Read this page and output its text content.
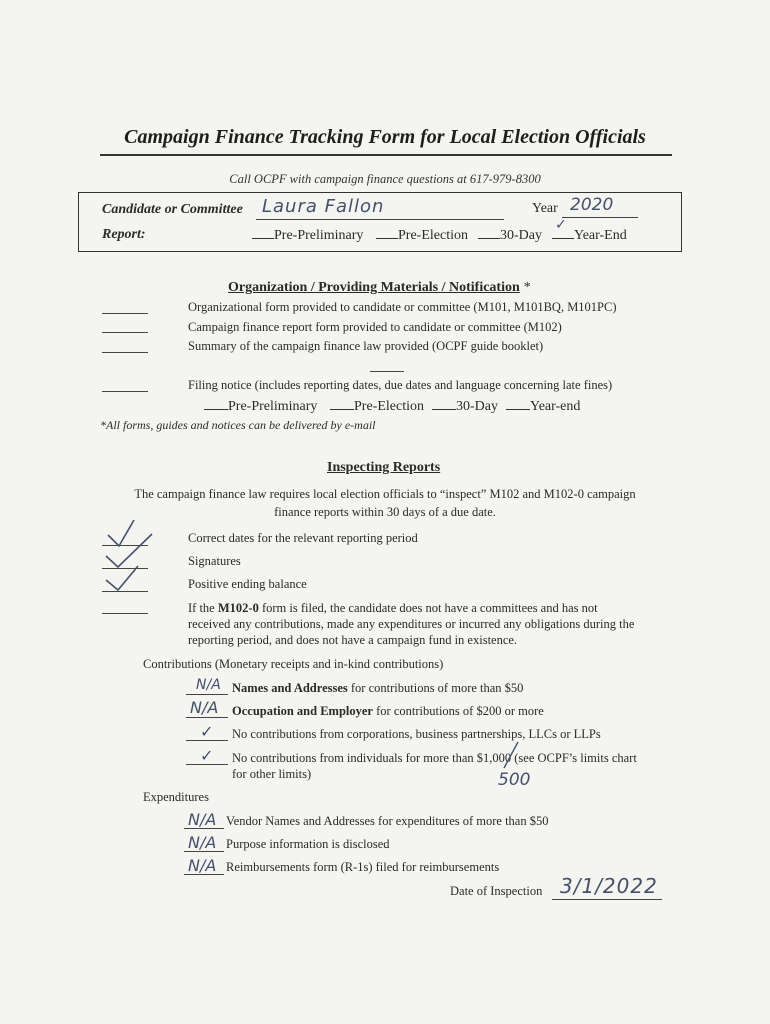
Campaign Finance Tracking Form for Local Election Officials
Call OCPF with campaign finance questions at 617-979-8300
Candidate or Committee Laura Fallon	Year 2020
Report:	Pre-Preliminary	Pre-Election	30-Day	Year-End
✓
Organization / Providing Materials / Notification *
Organizational form provided to candidate or committee (M101, M101BQ, M101PC)
Campaign finance report form provided to candidate or committee (M102)
Summary of the campaign finance law provided (OCPF guide booklet)
Filing notice (includes reporting dates, due dates and language concerning late fines)
Pre-Preliminary	Pre-Election	30-Day	Year-end
*All forms, guides and notices can be delivered by e-mail
Inspecting Reports
The campaign finance law requires local election officials to “inspect” M102 and M102-0 campaign
finance reports within 30 days of a due date.
Correct dates for the relevant reporting period
Signatures
Positive ending balance
If the M102-0 form is filed, the candidate does not have a committees and has not
received any contributions, made any expenditures or incurred any obligations during the
reporting period, and does not have a campaign fund in existence.
Contributions (Monetary receipts and in-kind contributions)
N/A Names and Addresses for contributions of more than $50
N/A Occupation and Employer for contributions of $200 or more
✓ No contributions from corporations, business partnerships, LLCs or LLPs
✓ No contributions from individuals for more than $1,000 (see OCPF’s limits chart
for other limits)	500
Expenditures
N/A Vendor Names and Addresses for expenditures of more than $50
N/A Purpose information is disclosed
N/A Reimbursements form (R-1s) filed for reimbursements
Date of Inspection 3/1/2022
